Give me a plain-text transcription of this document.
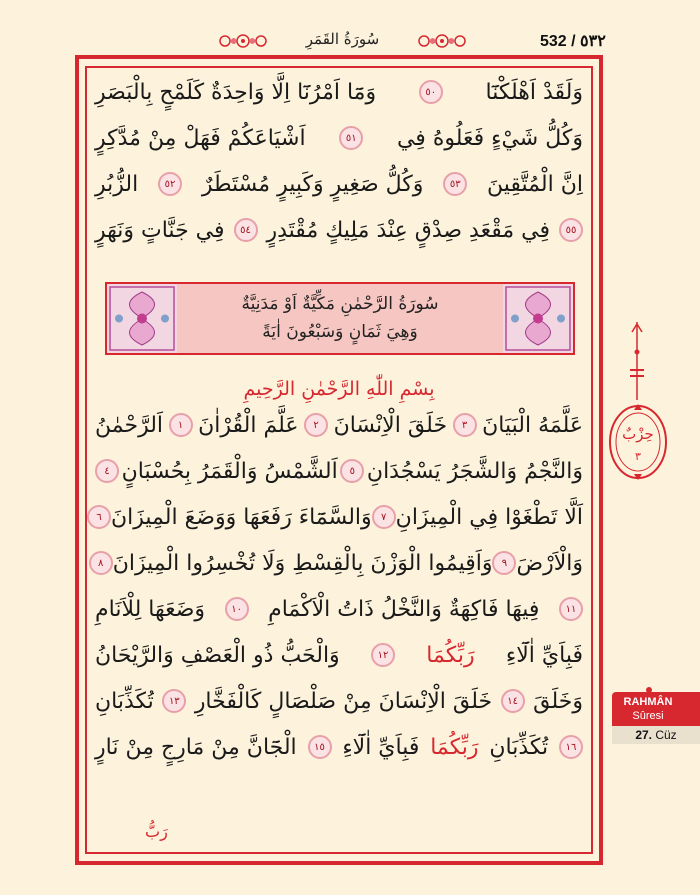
سُورَةُ القَمَرِ	532 / ٥٣٢
وَلَقَدْ اَهْلَكْنَٓا
٥٠
وَمَٓا اَمْرُنَٓا اِلَّا وَاحِدَةٌ كَلَمْحٍ بِالْبَصَرِ
وَكُلُّ شَيْءٍ فَعَلُوهُ فِي
٥١
اَشْيَاعَكُمْ فَهَلْ مِنْ مُدَّكِرٍ
اِنَّ الْمُتَّقِينَ
٥٣
وَكُلُّ صَغِيرٍ وَكَبِيرٍ مُسْتَطَرٌ
٥٢
الزُّبُرِ
٥٥
فِي مَقْعَدِ صِدْقٍ عِنْدَ مَلِيكٍ مُقْتَدِرٍ
٥٤
فِي جَنَّاتٍ وَنَهَرٍ
عَلَّمَهُ الْبَيَانَ
٣
خَلَقَ الْاِنْسَانَ
٢
عَلَّمَ الْقُرْاٰنَ
١
اَلرَّحْمٰنُ
وَالنَّجْمُ وَالشَّجَرُ يَسْجُدَانِ
٥
اَلشَّمْسُ وَالْقَمَرُ بِحُسْبَانٍ
٤
اَلَّا تَطْغَوْا فِي الْمِيزَانِ
٧
وَالسَّمَٓاءَ رَفَعَهَا وَوَضَعَ الْمِيزَانَ
٦
وَالْاَرْضَ
٩
وَاَقِيمُوا الْوَزْنَ بِالْقِسْطِ وَلَا تُخْسِرُوا الْمِيزَانَ
٨
١١
فِيهَا فَاكِهَةٌ وَالنَّخْلُ ذَاتُ الْاَكْمَامِ
١٠
وَضَعَهَا لِلْاَنَامِ
فَبِاَيِّ اٰلَٓاءِ
رَبِّكُمَا
١٢
وَالْحَبُّ ذُو الْعَصْفِ وَالرَّيْحَانُ
وَخَلَقَ
١٤
خَلَقَ الْاِنْسَانَ مِنْ صَلْصَالٍ كَالْفَخَّارِ
١٣
تُكَذِّبَانِ
١٦
تُكَذِّبَانِ
رَبِّكُمَا
فَبِاَيِّ اٰلَٓاءِ
١٥
الْجَٓانَّ مِنْ مَارِجٍ مِنْ نَارٍ
سُورَةُ الرَّحْمٰنِ مَكِّيَّةٌ اَوْ مَدَنِيَّةٌ
وَهِيَ ثَمَانٍ وَسَبْعُونَ اٰيَةً
بِسْمِ اللّٰهِ الرَّحْمٰنِ الرَّحِيمِ
حِزْبٌ
٣
RAHMÂN
Sûresi
27. Cüz
رَبُّ
